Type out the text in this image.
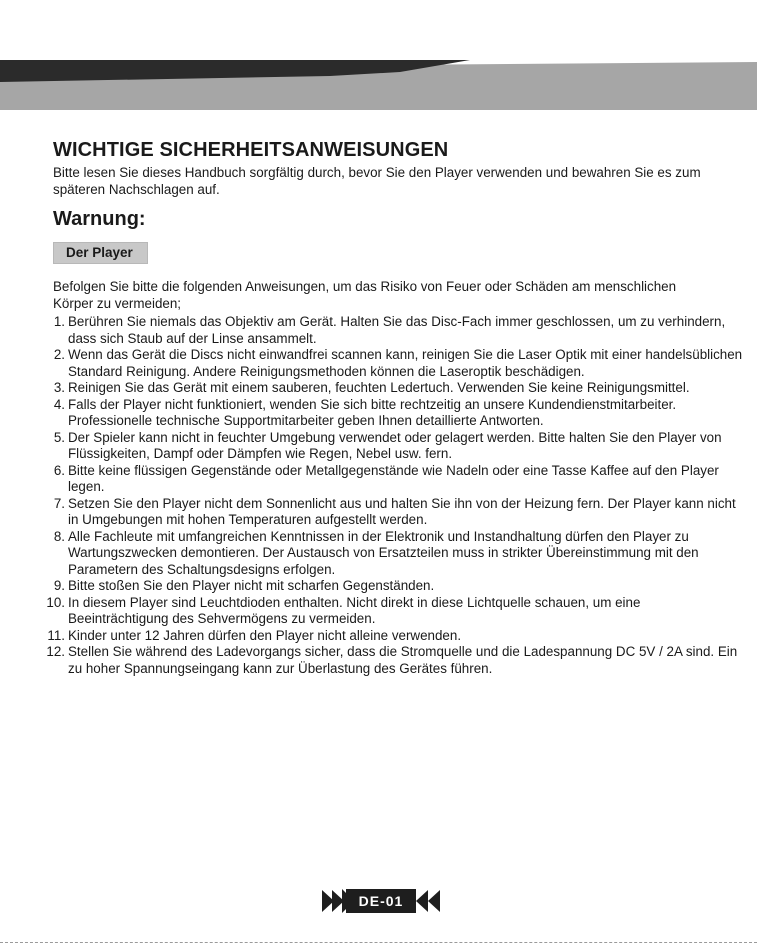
WICHTIGE SICHERHEITSANWEISUNGEN

Bitte lesen Sie dieses Handbuch sorgfältig durch, bevor Sie den Player verwenden und bewahren Sie es zum späteren Nachschlagen auf.

Warnung:
Der Player

Befolgen Sie bitte die folgenden Anweisungen, um das Risiko von Feuer oder Schäden am menschlichen Körper zu vermeiden;

1. Berühren Sie niemals das Objektiv am Gerät. Halten Sie das Disc-Fach immer geschlossen, um zu verhindern, dass sich Staub auf der Linse ansammelt.
2. Wenn das Gerät die Discs nicht einwandfrei scannen kann, reinigen Sie die Laser Optik mit einer handelsüblichen Standard Reinigung. Andere Reinigungsmethoden können die Laseroptik beschädigen.
3. Reinigen Sie das Gerät mit einem sauberen, feuchten Ledertuch. Verwenden Sie keine Reinigungsmittel.
4. Falls der Player nicht funktioniert, wenden Sie sich bitte rechtzeitig an unsere Kundendienstmitarbeiter. Professionelle technische Supportmitarbeiter geben Ihnen detaillierte Antworten.
5. Der Spieler kann nicht in feuchter Umgebung verwendet oder gelagert werden. Bitte halten Sie den Player von Flüssigkeiten, Dampf oder Dämpfen wie Regen, Nebel usw. fern.
6. Bitte keine flüssigen Gegenstände oder Metallgegenstände wie Nadeln oder eine Tasse Kaffee auf den Player legen.
7. Setzen Sie den Player nicht dem Sonnenlicht aus und halten Sie ihn von der Heizung fern. Der Player kann nicht in Umgebungen mit hohen Temperaturen aufgestellt werden.
8. Alle Fachleute mit umfangreichen Kenntnissen in der Elektronik und Instandhaltung dürfen den Player zu Wartungszwecken demontieren. Der Austausch von Ersatzteilen muss in strikter Übereinstimmung mit den Parametern des Schaltungsdesigns erfolgen.
9. Bitte stoßen Sie den Player nicht mit scharfen Gegenständen.
10. In diesem Player sind Leuchtdioden enthalten. Nicht direkt in diese Lichtquelle schauen, um eine Beeinträchtigung des Sehvermögens zu vermeiden.
11. Kinder unter 12 Jahren dürfen den Player nicht alleine verwenden.
12. Stellen Sie während des Ladevorgangs sicher, dass die Stromquelle und die Ladespannung DC 5V / 2A sind. Ein zu hoher Spannungseingang kann zur Überlastung des Gerätes führen.
DE-01
